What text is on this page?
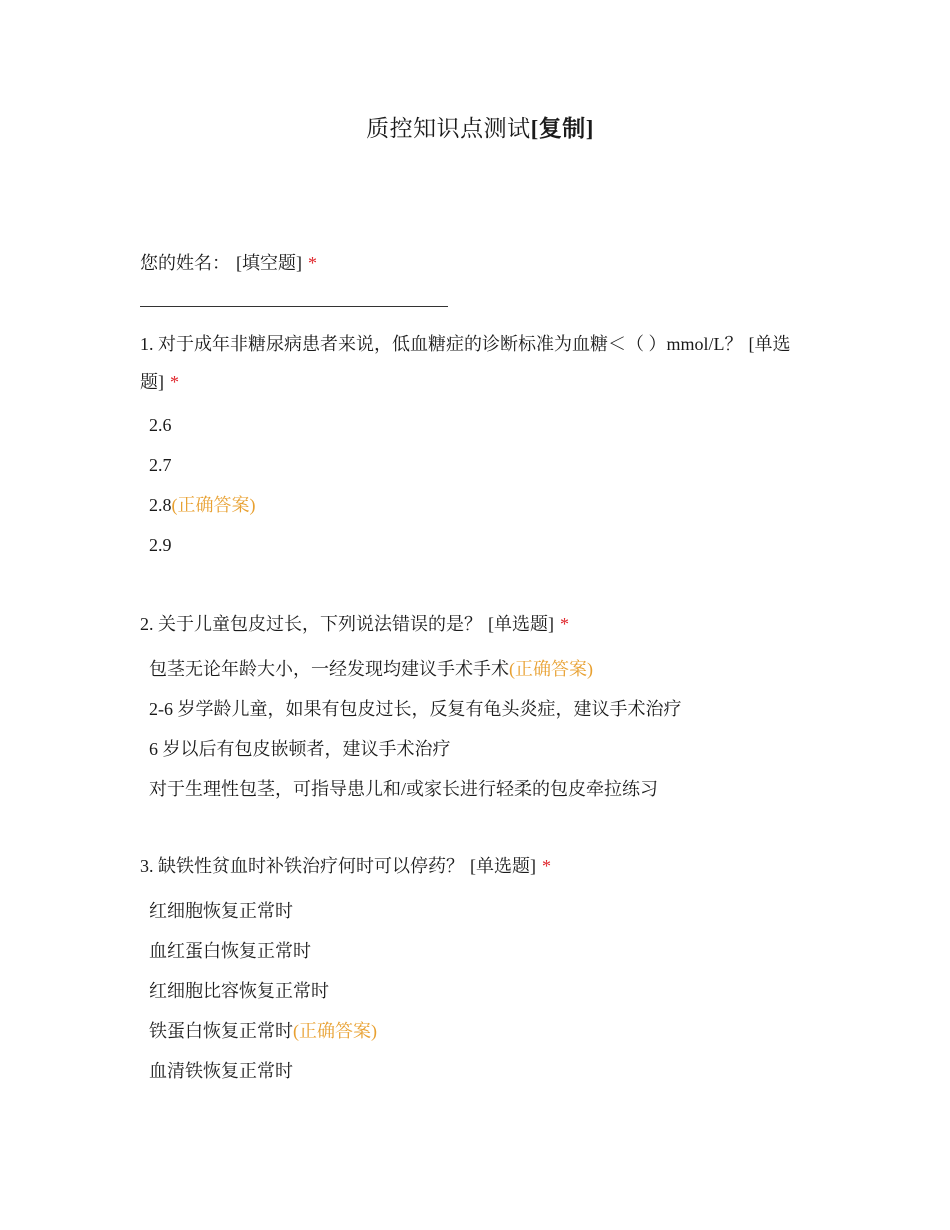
质控知识点测试[复制]

您的姓名： [填空题] *

1. 对于成年非糖尿病患者来说，低血糖症的诊断标准为血糖＜（ ）mmol/L？ [单选题] *

2.6
2.7
2.8(正确答案)
2.9

2. 关于儿童包皮过长，下列说法错误的是？ [单选题] *

包茎无论年龄大小，一经发现均建议手术手术(正确答案)
2-6 岁学龄儿童，如果有包皮过长，反复有龟头炎症，建议手术治疗
6 岁以后有包皮嵌顿者，建议手术治疗
对于生理性包茎，可指导患儿和/或家长进行轻柔的包皮牵拉练习

3. 缺铁性贫血时补铁治疗何时可以停药？ [单选题] *

红细胞恢复正常时
血红蛋白恢复正常时
红细胞比容恢复正常时
铁蛋白恢复正常时(正确答案)
血清铁恢复正常时
